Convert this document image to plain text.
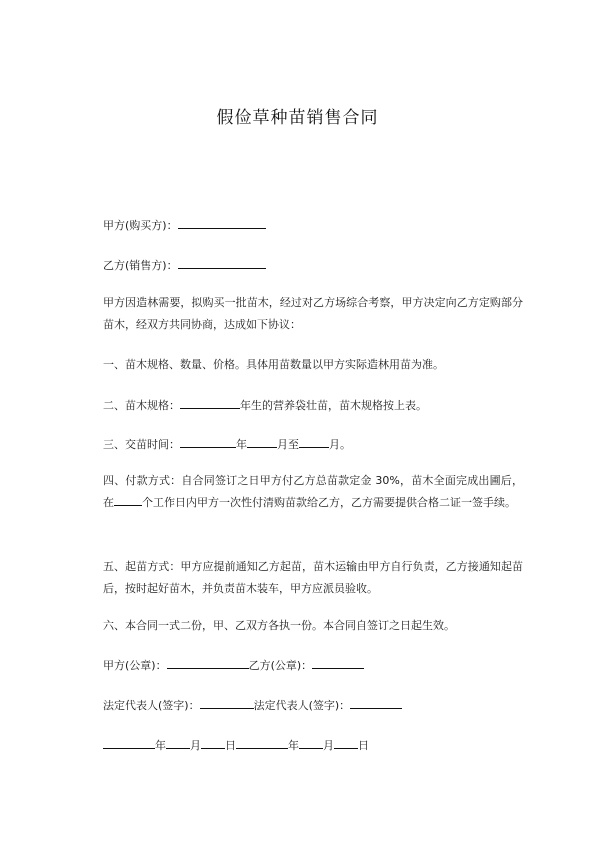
假俭草种苗销售合同
甲方(购买方)：
乙方(销售方)：
甲方因造林需要，拟购买一批苗木，经过对乙方场综合考察，甲方决定向乙方定购部分苗木，经双方共同协商，达成如下协议：
一、苗木规格、数量、价格。具体用苗数量以甲方实际造林用苗为准。
二、苗木规格：	年生的营养袋壮苗，苗木规格按上表。
三、交苗时间：	年	月至	月。
四、付款方式：自合同签订之日甲方付乙方总苗款定金 30%，苗木全面完成出圃后，在	个工作日内甲方一次性付清购苗款给乙方，乙方需要提供合格二证一签手续。
五、起苗方式：甲方应提前通知乙方起苗，苗木运输由甲方自行负责，乙方接通知起苗后，按时起好苗木，并负责苗木装车，甲方应派员验收。
六、本合同一式二份，甲、乙双方各执一份。本合同自签订之日起生效。
甲方(公章)：	乙方(公章)：
法定代表人(签字)：	法定代表人(签字)：
年 月 日	年 月 日
